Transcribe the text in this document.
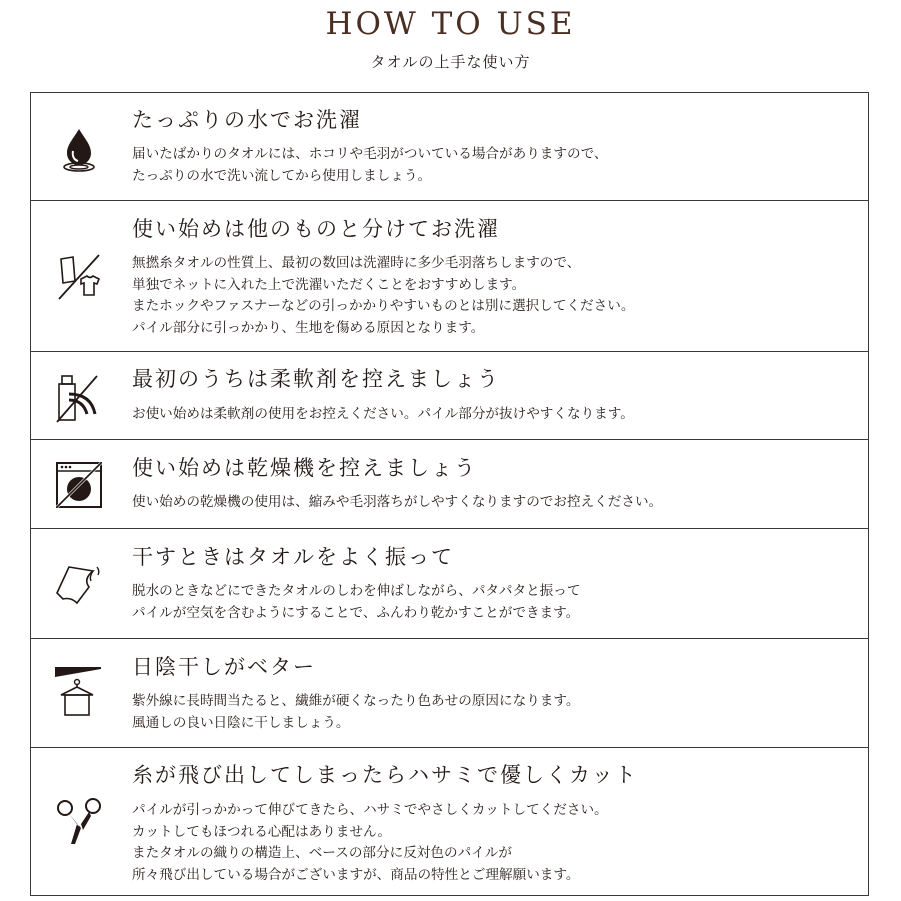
HOW TO USE
タオルの上手な使い方
たっぷりの水でお洗濯
届いたばかりのタオルには、ホコリや毛羽がついている場合がありますので、
たっぷりの水で洗い流してから使用しましょう。
使い始めは他のものと分けてお洗濯
無撚糸タオルの性質上、最初の数回は洗濯時に多少毛羽落ちしますので、
単独でネットに入れた上で洗濯いただくことをおすすめします。
またホックやファスナーなどの引っかかりやすいものとは別に選択してください。
パイル部分に引っかかり、生地を傷める原因となります。
最初のうちは柔軟剤を控えましょう
お使い始めは柔軟剤の使用をお控えください。パイル部分が抜けやすくなります。
使い始めは乾燥機を控えましょう
使い始めの乾燥機の使用は、縮みや毛羽落ちがしやすくなりますのでお控えください。
干すときはタオルをよく振って
脱水のときなどにできたタオルのしわを伸ばしながら、パタパタと振って
パイルが空気を含むようにすることで、ふんわり乾かすことができます。
日陰干しがベター
紫外線に長時間当たると、繊維が硬くなったり色あせの原因になります。
風通しの良い日陰に干しましょう。
糸が飛び出してしまったらハサミで優しくカット
パイルが引っかかって伸びてきたら、ハサミでやさしくカットしてください。
カットしてもほつれる心配はありません。
またタオルの織りの構造上、ベースの部分に反対色のパイルが
所々飛び出している場合がございますが、商品の特性とご理解願います。
